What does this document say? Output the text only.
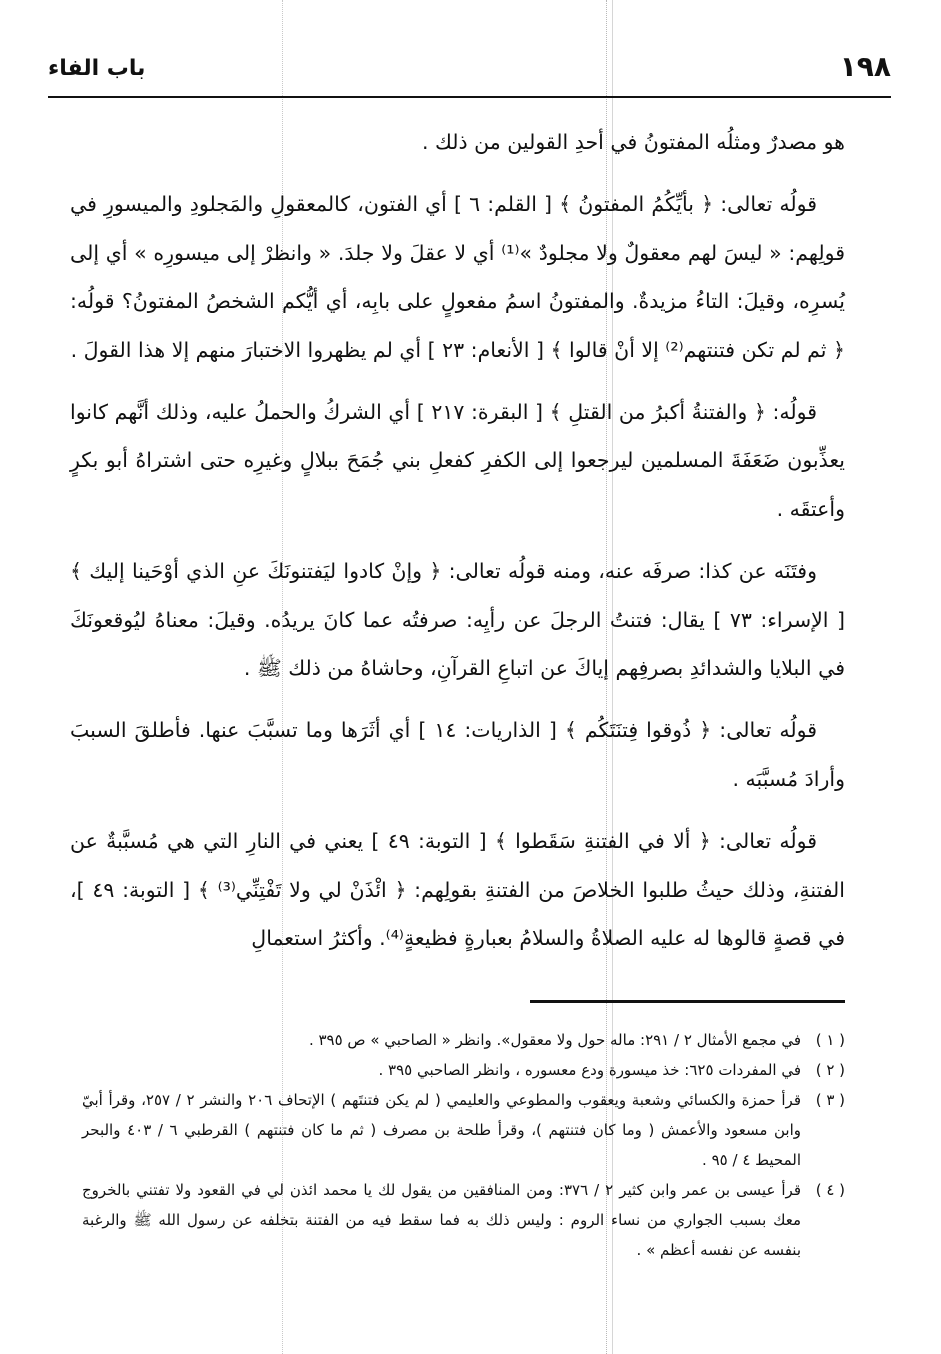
١٩٨
باب الفاء

هو مصدرٌ ومثلُه المفتونُ في أحدِ القولين من ذلك .

قولُه تعالى: ﴿ بأيِّكُمُ المفتونُ ﴾ [ القلم: ٦ ] أي الفتون، كالمعقولِ والمَجلودِ والميسورِ في قولِهم: « ليسَ لهم معقولٌ ولا مجلودٌ »⁽¹⁾ أي لا عقلَ ولا جلدَ. « وانظرْ إلى ميسورِه » أي إلى يُسرِه، وقيلَ: التاءُ مزيدةٌ. والمفتونُ اسمُ مفعولٍ على بابِه، أي أيُّكم الشخصُ المفتونُ؟ قولُه: ﴿ ثم لم تكن فتنتهم⁽²⁾ إلا أنْ قالوا ﴾ [ الأنعام: ٢٣ ] أي لم يظهروا الاختبارَ منهم إلا هذا القولَ .

قولُه: ﴿ والفتنةُ أكبرُ من القتلِ ﴾ [ البقرة: ٢١٧ ] أي الشركُ والحملُ عليه، وذلك أنَّهم كانوا يعذِّبون ضَعَفَةَ المسلمين ليرجعوا إلى الكفرِ كفعلِ بني جُمَحَ ببلالٍ وغيرِه حتى اشتراهُ أبو بكرٍ وأعتقَه .

وفتَنَه عن كذا: صرفَه عنه، ومنه قولُه تعالى: ﴿ وإنْ كادوا ليَفتنونَكَ عنِ الذي أوْحَينا إليك ﴾ [ الإسراء: ٧٣ ] يقال: فتنتُ الرجلَ عن رأيِه: صرفتُه عما كانَ يريدُه. وقيلَ: معناهُ ليُوقعونَكَ في البلايا والشدائدِ بصرفِهم إياكَ عن اتباعِ القرآنِ، وحاشاهُ من ذلك ﷺ .

قولُه تعالى: ﴿ ذُوقوا فِتنَتَكُم ﴾ [ الذاريات: ١٤ ] أي أثَرَها وما تسبَّبَ عنها. فأطلقَ السببَ وأرادَ مُسبَّبَه .

قولُه تعالى: ﴿ ألا في الفتنةِ سَقَطوا ﴾ [ التوبة: ٤٩ ] يعني في النارِ التي هي مُسبَّبةٌ عن الفتنةِ، وذلك حيثُ طلبوا الخلاصَ من الفتنةِ بقولِهم: ﴿ ائْذَنْ لي ولا تَفْتِنِّي⁽³⁾ ﴾ [ التوبة: ٤٩ ]، في قصةٍ قالوها له عليه الصلاةُ والسلامُ بعبارةٍ فظيعةٍ⁽⁴⁾. وأكثرُ استعمالِ

( ١ )
في مجمع الأمثال ٢ / ٢٩١: ماله حول ولا معقول». وانظر « الصاحبي » ص ٣٩٥ .

( ٢ )
في المفردات ٦٢٥: خذ ميسورة ودع معسوره ، وانظر الصاحبي ٣٩٥ .

( ٣ )
قرأ حمزة والكسائي وشعبة ويعقوب والمطوعي والعليمي ( لم يكن فتنتَهم ) الإتحاف ٢٠٦ والنشر ٢ / ٢٥٧، وقرأ أبيّ وابن مسعود والأعمش ( وما كان فتنتهم )، وقرأ طلحة بن مصرف ( ثم ما كان فتنتهم ) القرطبي ٦ / ٤٠٣ والبحر المحيط ٤ / ٩٥ .

( ٤ )
قرأ عيسى بن عمر وابن كثير ٢ / ٣٧٦: ومن المنافقين من يقول لك يا محمد ائذن لي في القعود ولا تفتني بالخروج معك بسبب الجواري من نساء الروم : وليس ذلك به فما سقط فيه من الفتنة بتخلفه عن رسول الله ﷺ والرغبة بنفسه عن نفسه أعظم » .
